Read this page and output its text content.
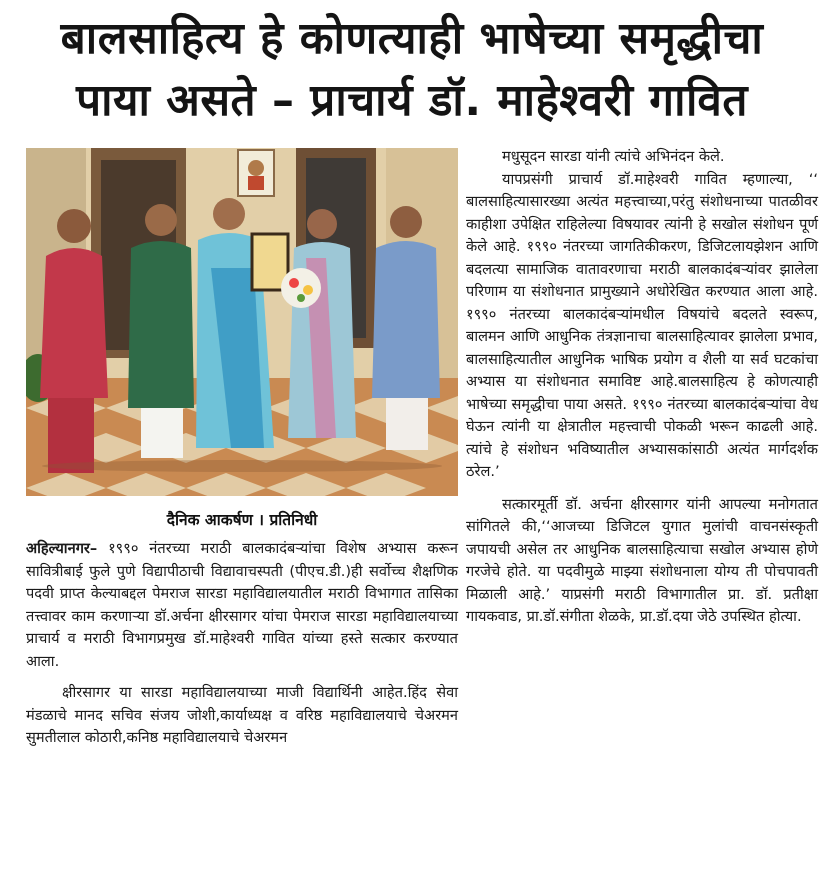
बालसाहित्य हे कोणत्याही भाषेच्या समृद्धीचा
पाया असते – प्राचार्य डॉ. माहेश्वरी गावित
दैनिक आकर्षण । प्रतिनिधी

अहिल्यानगर– १९९० नंतरच्या मराठी बालकादंबऱ्यांचा विशेष अभ्यास करून सावित्रीबाई फुले पुणे विद्यापीठाची विद्यावाचस्पती (पीएच.डी.)ही सर्वोच्च शैक्षणिक पदवी प्राप्त केल्याबद्दल पेमराज सारडा महाविद्यालयातील मराठी विभागात तासिका तत्त्वावर काम करणाऱ्या डॉ.अर्चना क्षीरसागर यांचा पेमराज सारडा महाविद्यालयाच्या प्राचार्य व मराठी विभागप्रमुख डॉ.माहेश्वरी गावित यांच्या हस्ते सत्कार करण्यात आला.

क्षीरसागर या सारडा महाविद्यालयाच्या माजी विद्यार्थिनी आहेत.हिंद सेवा मंडळाचे मानद सचिव संजय जोशी,कार्याध्यक्ष व वरिष्ठ महाविद्यालयाचे चेअरमन सुमतीलाल कोठारी,कनिष्ठ महाविद्यालयाचे चेअरमन

मधुसूदन सारडा यांनी त्यांचे अभिनंदन केले.

यापप्रसंगी प्राचार्य डॉ.माहेश्वरी गावित म्हणाल्या, ‘‘ बालसाहित्यासारख्या अत्यंत महत्त्वाच्या,परंतु संशोधनाच्या पातळीवर काहीशा उपेक्षित राहिलेल्या विषयावर त्यांनी हे सखोल संशोधन पूर्ण केले आहे. १९९० नंतरच्या जागतिकीकरण, डिजिटलायझेशन आणि बदलत्या सामाजिक वातावरणाचा मराठी बालकादंबऱ्यांवर झालेला परिणाम या संशोधनात प्रामुख्याने अधोरेखित करण्यात आला आहे. १९९० नंतरच्या बालकादंबऱ्यांमधील विषयांचे बदलते स्वरूप, बालमन आणि आधुनिक तंत्रज्ञानाचा बालसाहित्यावर झालेला प्रभाव, बालसाहित्यातील आधुनिक भाषिक प्रयोग व शैली या सर्व घटकांचा अभ्यास या संशोधनात समाविष्ट आहे.बालसाहित्य हे कोणत्याही भाषेच्या समृद्धीचा पाया असते. १९९० नंतरच्या बालकादंबऱ्यांचा वेध घेऊन त्यांनी या क्षेत्रातील महत्त्वाची पोकळी भरून काढली आहे. त्यांचे हे संशोधन भविष्यातील अभ्यासकांसाठी अत्यंत मार्गदर्शक ठरेल.’

सत्कारमूर्ती डॉ. अर्चना क्षीरसागर यांनी आपल्या मनोगतात सांगितले की,‘‘आजच्या डिजिटल युगात मुलांची वाचनसंस्कृती जपायची असेल तर आधुनिक बालसाहित्याचा सखोल अभ्यास होणे गरजेचे होते. या पदवीमुळे माझ्या संशोधनाला योग्य ती पोचपावती मिळाली आहे.’ याप्रसंगी मराठी विभागातील प्रा. डॉ. प्रतीक्षा गायकवाड, प्रा.डॉ.संगीता शेळके, प्रा.डॉ.दया जेठे उपस्थित होत्या.
